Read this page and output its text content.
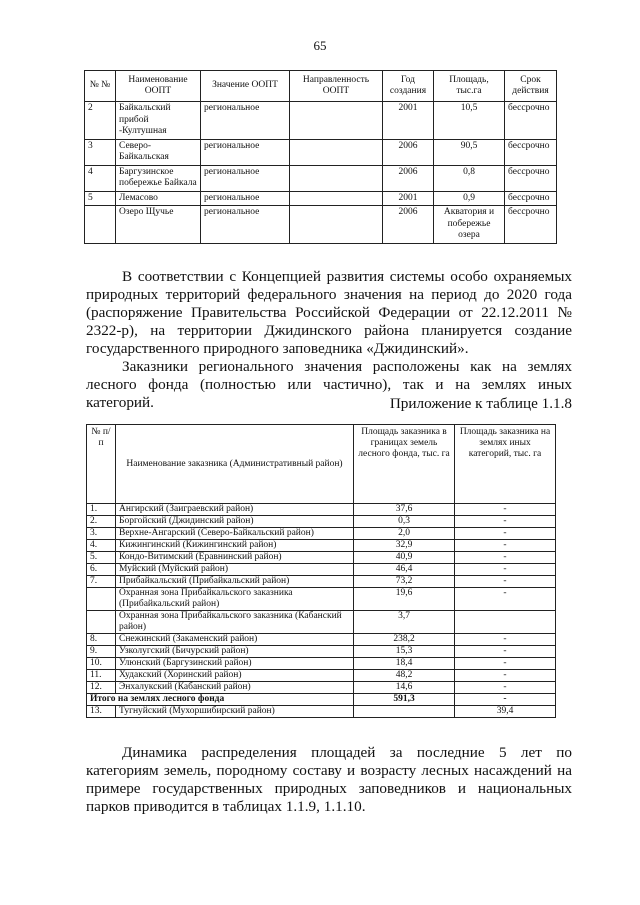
65
№ №	Наименование ООПТ	Значение ООПТ	Направленность ООПТ	Год создания	Площадь, тыс.га	Срок действия
2	Байкальский прибой -Култушная	региональное		2001	10,5	бессрочно
3	Северо-Байкальская	региональное		2006	90,5	бессрочно
4	Баргузинское побережье Байкала	региональное		2006	0,8	бессрочно
5	Лемасово	региональное		2001	0,9	бессрочно
	Озеро Щучье	региональное		2006	Акватория и побережье озера	бессрочно
В соответствии с Концепцией развития системы особо охраняемых природных территорий федерального значения на период до 2020 года (распоряжение Правительства Российской Федерации от 22.12.2011 № 2322-р), на территории Джидинского района планируется создание государственного природного заповедника «Джидинский».
Заказники регионального значения расположены как на землях лесного фонда (полностью или частично), так и на землях иных категорий.	Приложение к таблице 1.1.8
№ п/п	Наименование заказника (Административный район)	Площадь заказника в границах земель лесного фонда, тыс. га	Площадь заказника на землях иных категорий, тыс. га
1.	Ангирский (Заиграевский район)	37,6	-
2.	Боргойский (Джидинский район)	0,3	-
3.	Верхне-Ангарский (Северо-Байкальский район)	2,0	-
4.	Кижингинский (Кижингинский район)	32,9	-
5.	Кондо-Витимский (Еравнинский район)	40,9	-
6.	Муйский (Муйский район)	46,4	-
7.	Прибайкальский (Прибайкальский район)	73,2	-
	Охранная зона Прибайкальского заказника (Прибайкальский район)	19,6	-
	Охранная зона Прибайкальского заказника (Кабанский район)	3,7	
8.	Снежинский (Закаменский район)	238,2	-
9.	Узколугский (Бичурский район)	15,3	-
10.	Улюнский (Баргузинский район)	18,4	-
11.	Худакский (Хоринский район)	48,2	-
12.	Энхалукский (Кабанский район)	14,6	-
Итого на землях лесного фонда		591,3	-
13.	Тугнуйский (Мухоршибирский район)		39,4
Динамика распределения площадей за последние 5 лет по категориям земель, породному составу и возрасту лесных насаждений на примере государственных природных заповедников и национальных парков приводится в таблицах 1.1.9, 1.1.10.
